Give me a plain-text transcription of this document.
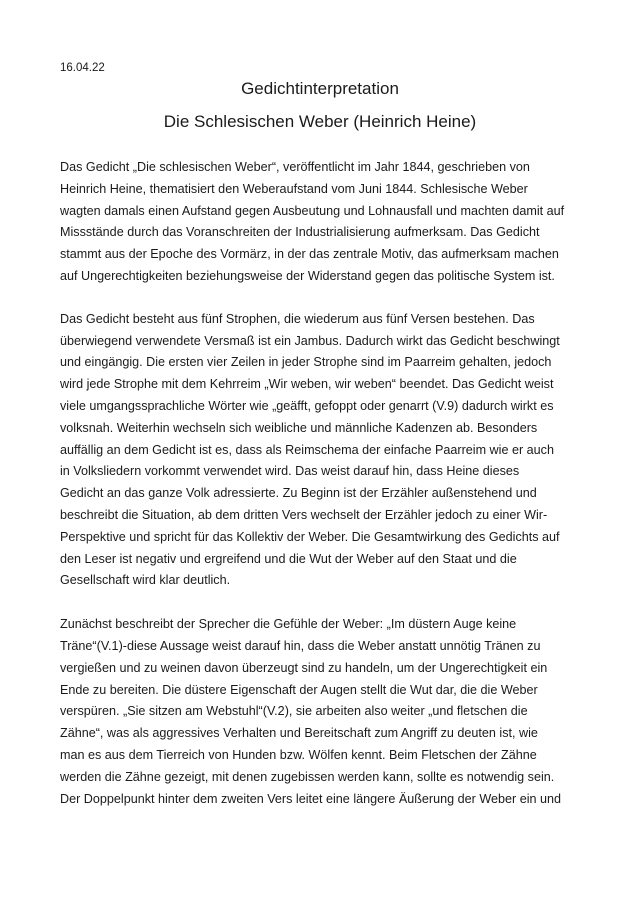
16.04.22
Gedichtinterpretation
Die Schlesischen Weber (Heinrich Heine)
Das Gedicht „Die schlesischen Weber“, veröffentlicht im Jahr 1844, geschrieben von
Heinrich Heine, thematisiert den Weberaufstand vom Juni 1844. Schlesische Weber
wagten damals einen Aufstand gegen Ausbeutung und Lohnausfall und machten damit auf
Missstände durch das Voranschreiten der Industrialisierung aufmerksam. Das Gedicht
stammt aus der Epoche des Vormärz, in der das zentrale Motiv, das aufmerksam machen
auf Ungerechtigkeiten beziehungsweise der Widerstand gegen das politische System ist.
Das Gedicht besteht aus fünf Strophen, die wiederum aus fünf Versen bestehen. Das
überwiegend verwendete Versmaß ist ein Jambus. Dadurch wirkt das Gedicht beschwingt
und eingängig. Die ersten vier Zeilen in jeder Strophe sind im Paarreim gehalten, jedoch
wird jede Strophe mit dem Kehrreim „Wir weben, wir weben“ beendet. Das Gedicht weist
viele umgangssprachliche Wörter wie „geäfft, gefoppt oder genarrt (V.9) dadurch wirkt es
volksnah. Weiterhin wechseln sich weibliche und männliche Kadenzen ab. Besonders
auffällig an dem Gedicht ist es, dass als Reimschema der einfache Paarreim wie er auch
in Volksliedern vorkommt verwendet wird. Das weist darauf hin, dass Heine dieses
Gedicht an das ganze Volk adressierte. Zu Beginn ist der Erzähler außenstehend und
beschreibt die Situation, ab dem dritten Vers wechselt der Erzähler jedoch zu einer Wir-
Perspektive und spricht für das Kollektiv der Weber. Die Gesamtwirkung des Gedichts auf
den Leser ist negativ und ergreifend und die Wut der Weber auf den Staat und die
Gesellschaft wird klar deutlich.
Zunächst beschreibt der Sprecher die Gefühle der Weber: „Im düstern Auge keine
Träne“(V.1)-diese Aussage weist darauf hin, dass die Weber anstatt unnötig Tränen zu
vergießen und zu weinen davon überzeugt sind zu handeln, um der Ungerechtigkeit ein
Ende zu bereiten. Die düstere Eigenschaft der Augen stellt die Wut dar, die die Weber
verspüren. „Sie sitzen am Webstuhl“(V.2), sie arbeiten also weiter „und fletschen die
Zähne“, was als aggressives Verhalten und Bereitschaft zum Angriff zu deuten ist, wie
man es aus dem Tierreich von Hunden bzw. Wölfen kennt. Beim Fletschen der Zähne
werden die Zähne gezeigt, mit denen zugebissen werden kann, sollte es notwendig sein.
Der Doppelpunkt hinter dem zweiten Vers leitet eine längere Äußerung der Weber ein und
